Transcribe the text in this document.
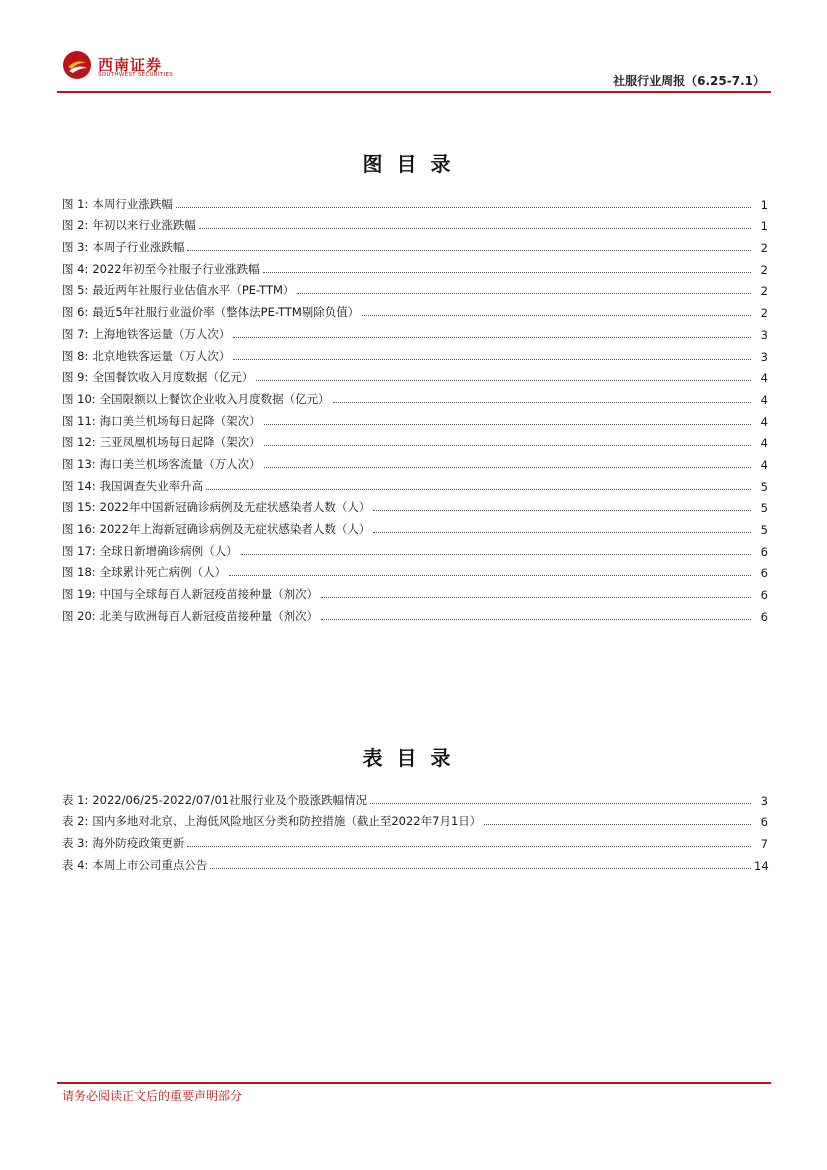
西南证券
SOUTHWEST SECURITIES	社服行业周报（6.25-7.1）
图目录
图 1: 本周行业涨跌幅	1
图 2: 年初以来行业涨跌幅	1
图 3: 本周子行业涨跌幅	2
图 4: 2022年初至今社服子行业涨跌幅	2
图 5: 最近两年社服行业估值水平（PE-TTM）	2
图 6: 最近5年社服行业溢价率（整体法PE-TTM剔除负值）	2
图 7: 上海地铁客运量（万人次）	3
图 8: 北京地铁客运量（万人次）	3
图 9: 全国餐饮收入月度数据（亿元）	4
图 10: 全国限额以上餐饮企业收入月度数据（亿元）	4
图 11: 海口美兰机场每日起降（架次）	4
图 12: 三亚凤凰机场每日起降（架次）	4
图 13: 海口美兰机场客流量（万人次）	4
图 14: 我国调查失业率升高	5
图 15: 2022年中国新冠确诊病例及无症状感染者人数（人）	5
图 16: 2022年上海新冠确诊病例及无症状感染者人数（人）	5
图 17: 全球日新增确诊病例（人）	6
图 18: 全球累计死亡病例（人）	6
图 19: 中国与全球每百人新冠疫苗接种量（剂次）	6
图 20: 北美与欧洲每百人新冠疫苗接种量（剂次）	6
表目录
表 1: 2022/06/25-2022/07/01社服行业及个股涨跌幅情况	3
表 2: 国内多地对北京、上海低风险地区分类和防控措施（截止至2022年7月1日）	6
表 3: 海外防疫政策更新	7
表 4: 本周上市公司重点公告	14
请务必阅读正文后的重要声明部分
